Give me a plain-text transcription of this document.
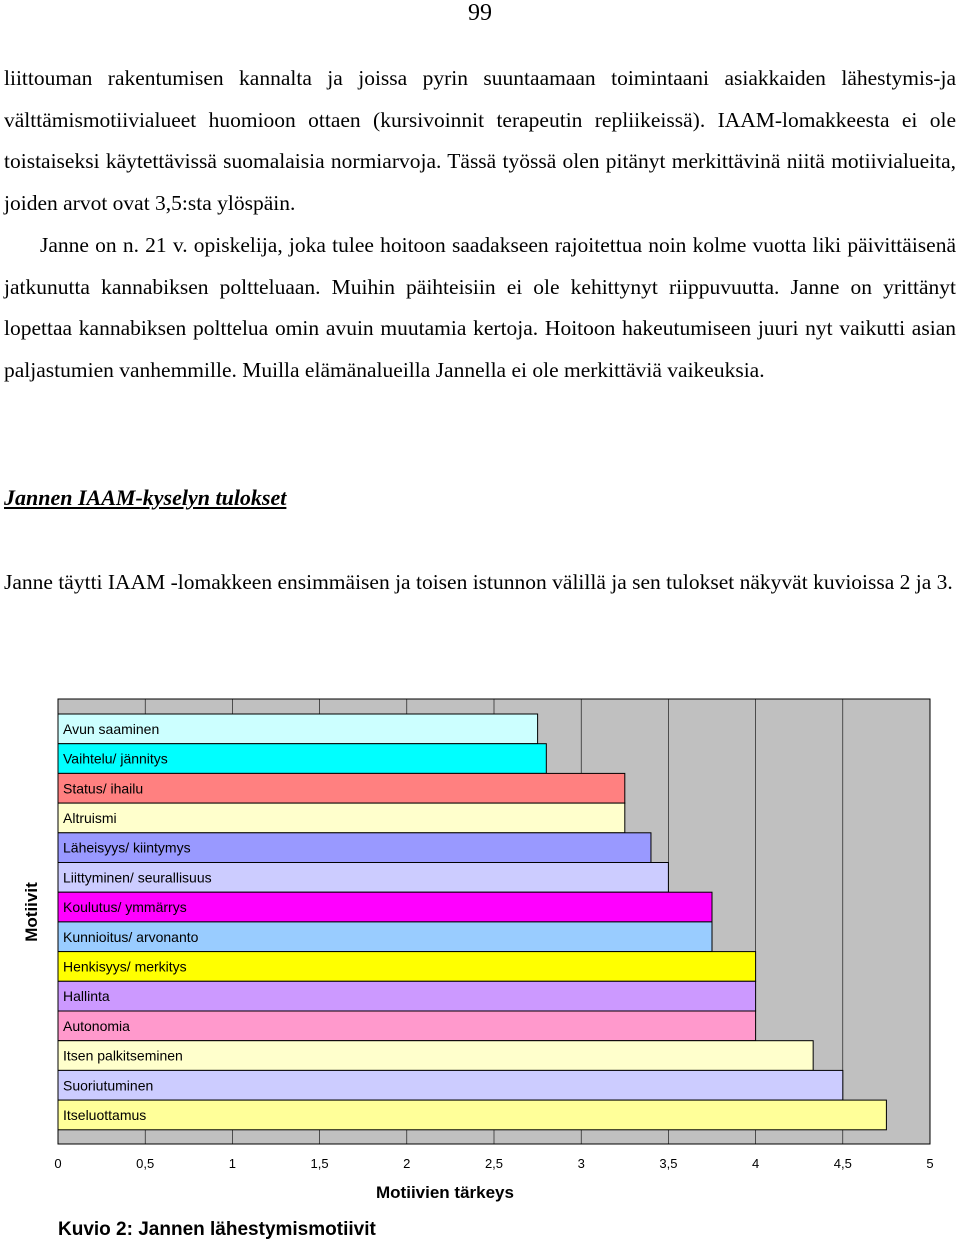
99

liittouman rakentumisen kannalta ja joissa pyrin suuntaamaan toimintaani asiakkaiden lähestymis-ja välttämismotiivialueet huomioon ottaen (kursivoinnit terapeutin repliikeissä). IAAM-lomakkeesta ei ole toistaiseksi käytettävissä suomalaisia normiarvoja. Tässä työssä olen pitänyt merkittävinä niitä motiivialueita, joiden arvot ovat 3,5:sta ylöspäin.

Janne on n. 21 v. opiskelija, joka tulee hoitoon saadakseen rajoitettua noin kolme vuotta liki päivittäisenä jatkunutta kannabiksen poltteluaan. Muihin päihteisiin ei ole kehittynyt riippuvuutta. Janne on yrittänyt lopettaa kannabiksen polttelua omin avuin muutamia kertoja. Hoitoon hakeutumiseen juuri nyt vaikutti asian paljastumien vanhemmille. Muilla elämänalueilla Jannella ei ole merkittäviä vaikeuksia.

Jannen IAAM-kyselyn tulokset

Janne täytti IAAM -lomakkeen ensimmäisen ja toisen istunnon välillä ja sen tulokset näkyvät kuvioissa 2 ja 3.

Avun saaminen
Vaihtelu/ jännitys
Status/ ihailu
Altruismi
Läheisyys/ kiintymys
Liittyminen/ seurallisuus
Koulutus/ ymmärrys
Kunnioitus/ arvonanto
Henkisyys/ merkitys
Hallinta
Autonomia
Itsen palkitseminen
Suoriutuminen
Itseluottamus
0	0,5	1	1,5	2	2,5	3	3,5	4	4,5	5
Motiivien tärkeys
Motiivit
Kuvio 2: Jannen lähestymismotiivit
